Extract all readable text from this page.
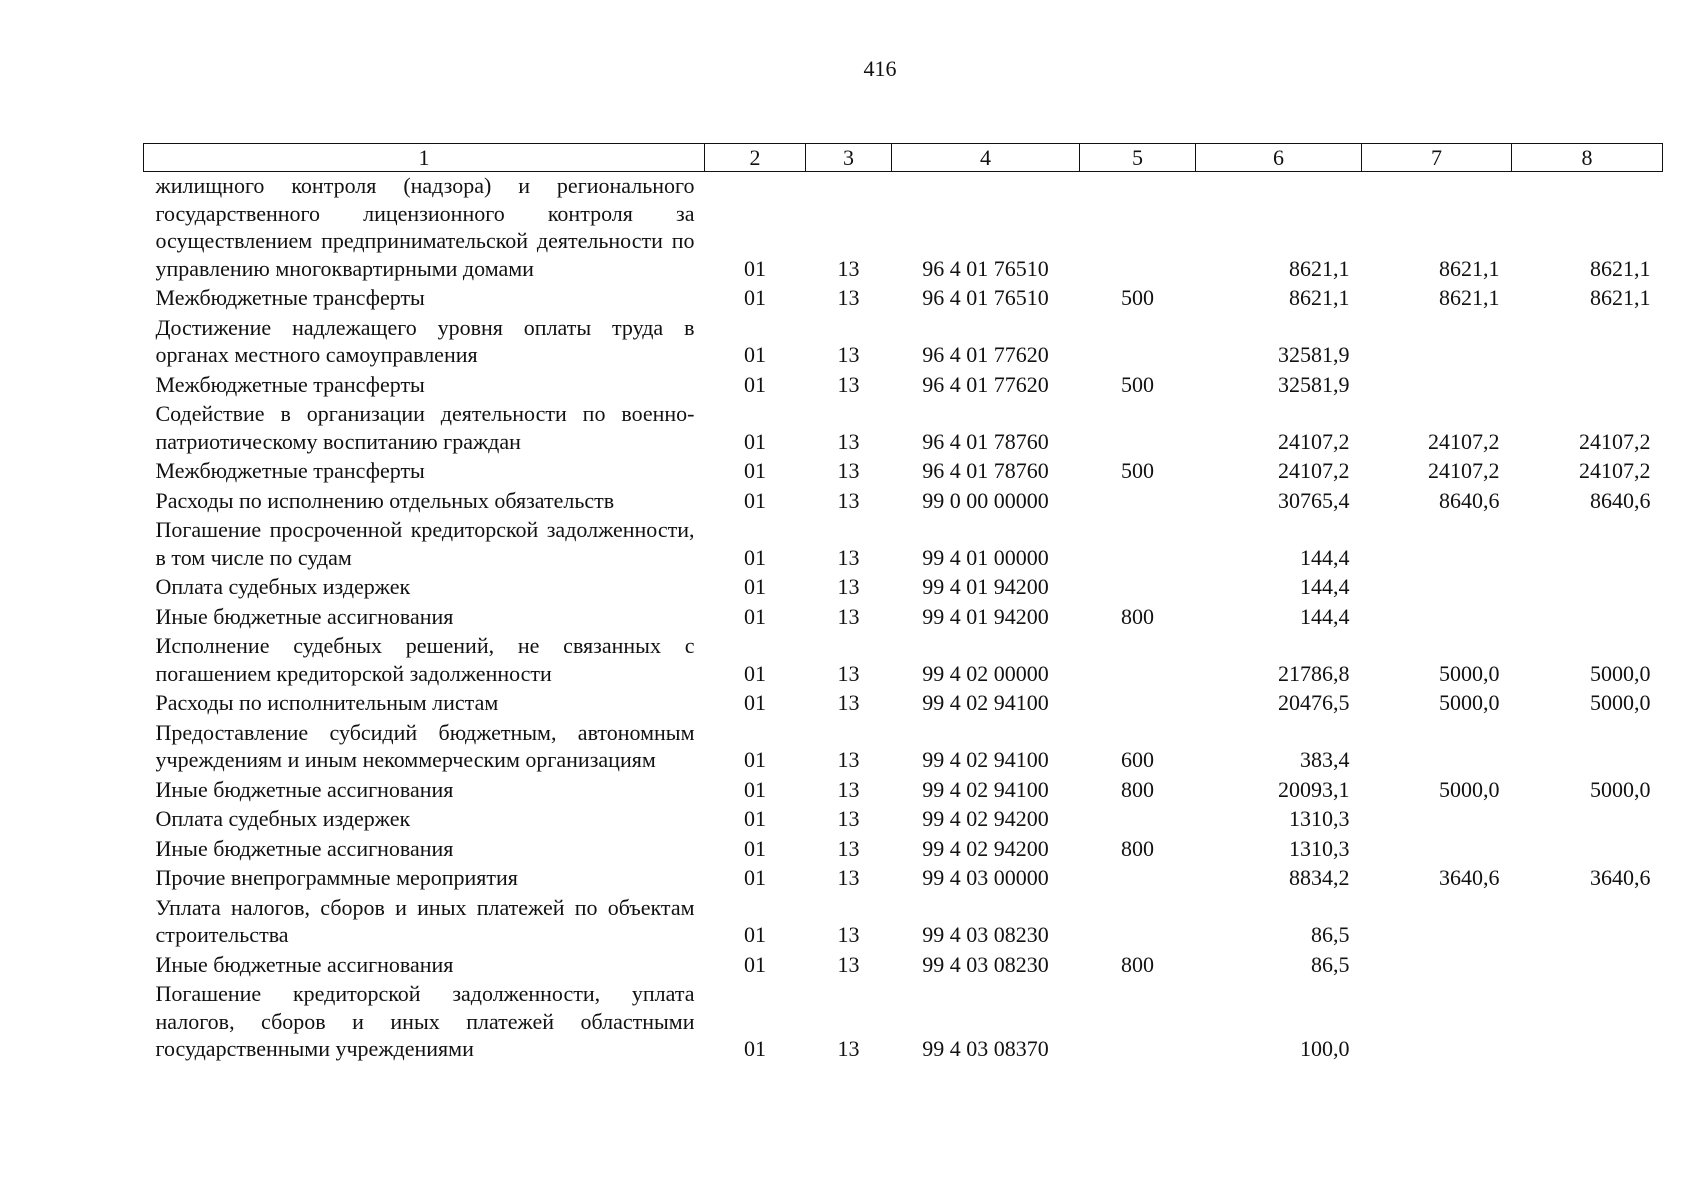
416
1	2	3	4	5	6	7	8
жилищного контроля (надзора) и регионального государственного лицензионного контроля за осуществлением предпринимательской деятельности по управлению многоквартирными домами	01	13	96 4 01 76510		8621,1	8621,1	8621,1
Межбюджетные трансферты	01	13	96 4 01 76510	500	8621,1	8621,1	8621,1
Достижение надлежащего уровня оплаты труда в органах местного самоуправления	01	13	96 4 01 77620		32581,9		
Межбюджетные трансферты	01	13	96 4 01 77620	500	32581,9		
Содействие в организации деятельности по военно-патриотическому воспитанию граждан	01	13	96 4 01 78760		24107,2	24107,2	24107,2
Межбюджетные трансферты	01	13	96 4 01 78760	500	24107,2	24107,2	24107,2
Расходы по исполнению отдельных обязательств	01	13	99 0 00 00000		30765,4	8640,6	8640,6
Погашение просроченной кредиторской задолженности, в том числе по судам	01	13	99 4 01 00000		144,4		
Оплата судебных издержек	01	13	99 4 01 94200		144,4		
Иные бюджетные ассигнования	01	13	99 4 01 94200	800	144,4		
Исполнение судебных решений, не связанных с погашением кредиторской задолженности	01	13	99 4 02 00000		21786,8	5000,0	5000,0
Расходы по исполнительным листам	01	13	99 4 02 94100		20476,5	5000,0	5000,0
Предоставление субсидий бюджетным, автономным учреждениям и иным некоммерческим организациям	01	13	99 4 02 94100	600	383,4		
Иные бюджетные ассигнования	01	13	99 4 02 94100	800	20093,1	5000,0	5000,0
Оплата судебных издержек	01	13	99 4 02 94200		1310,3		
Иные бюджетные ассигнования	01	13	99 4 02 94200	800	1310,3		
Прочие внепрограммные мероприятия	01	13	99 4 03 00000		8834,2	3640,6	3640,6
Уплата налогов, сборов и иных платежей по объектам строительства	01	13	99 4 03 08230		86,5		
Иные бюджетные ассигнования	01	13	99 4 03 08230	800	86,5		
Погашение кредиторской задолженности, уплата налогов, сборов и иных платежей областными государственными учреждениями	01	13	99 4 03 08370		100,0		
